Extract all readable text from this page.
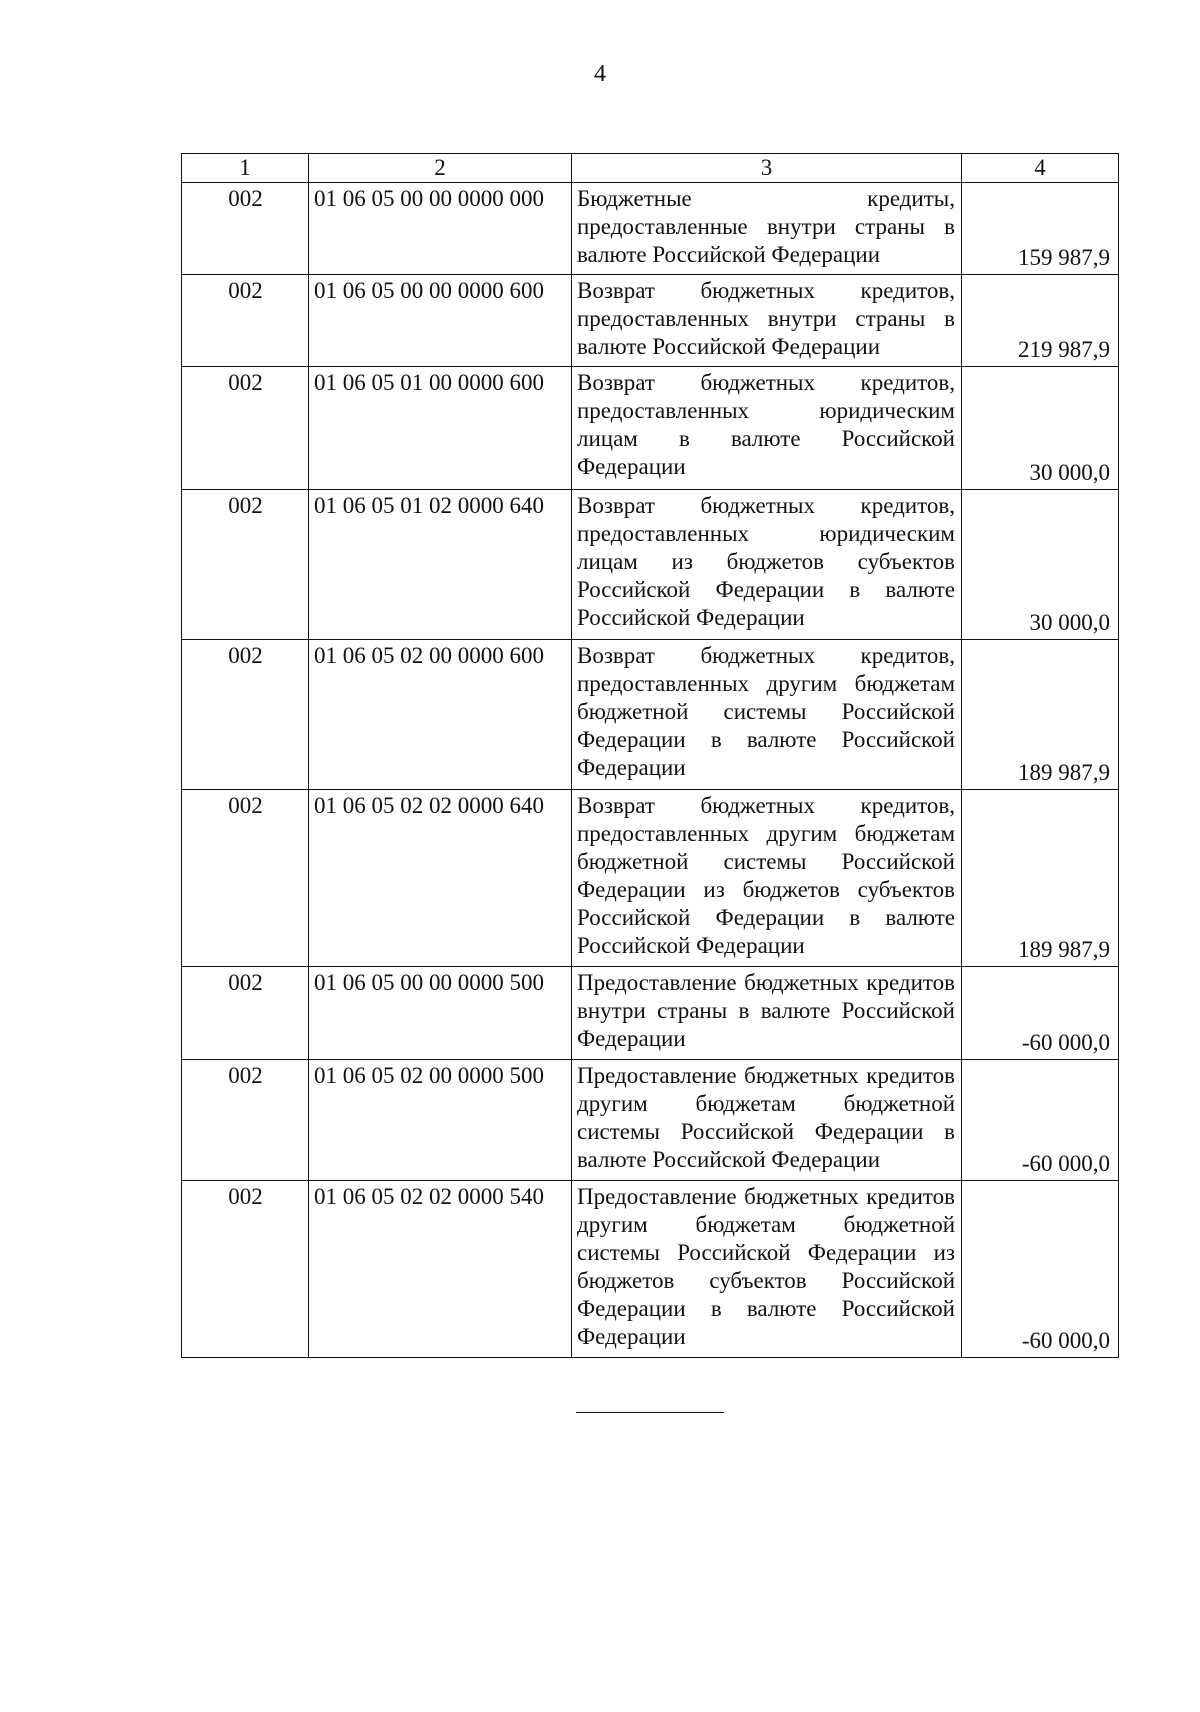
4
1	2	3	4
002	01 06 05 00 00 0000 000	Бюджетные кредиты, предоставленные внутри страны в валюте Российской Федерации	159 987,9
002	01 06 05 00 00 0000 600	Возврат бюджетных кредитов, предоставленных внутри страны в валюте Российской Федерации	219 987,9
002	01 06 05 01 00 0000 600	Возврат бюджетных кредитов, предоставленных юридическим лицам в валюте Российской Федерации	30 000,0
002	01 06 05 01 02 0000 640	Возврат бюджетных кредитов, предоставленных юридическим лицам из бюджетов субъектов Российской Федерации в валюте Российской Федерации	30 000,0
002	01 06 05 02 00 0000 600	Возврат бюджетных кредитов, предоставленных другим бюджетам бюджетной системы Российской Федерации в валюте Российской Федерации	189 987,9
002	01 06 05 02 02 0000 640	Возврат бюджетных кредитов, предоставленных другим бюджетам бюджетной системы Российской Федерации из бюджетов субъектов Российской Федерации в валюте Российской Федерации	189 987,9
002	01 06 05 00 00 0000 500	Предоставление бюджетных кредитов внутри страны в валюте Российской Федерации	-60 000,0
002	01 06 05 02 00 0000 500	Предоставление бюджетных кредитов другим бюджетам бюджетной системы Российской Федерации в валюте Российской Федерации	-60 000,0
002	01 06 05 02 02 0000 540	Предоставление бюджетных кредитов другим бюджетам бюджетной системы Российской Федерации из бюджетов субъектов Российской Федерации в валюте Российской Федерации	-60 000,0
